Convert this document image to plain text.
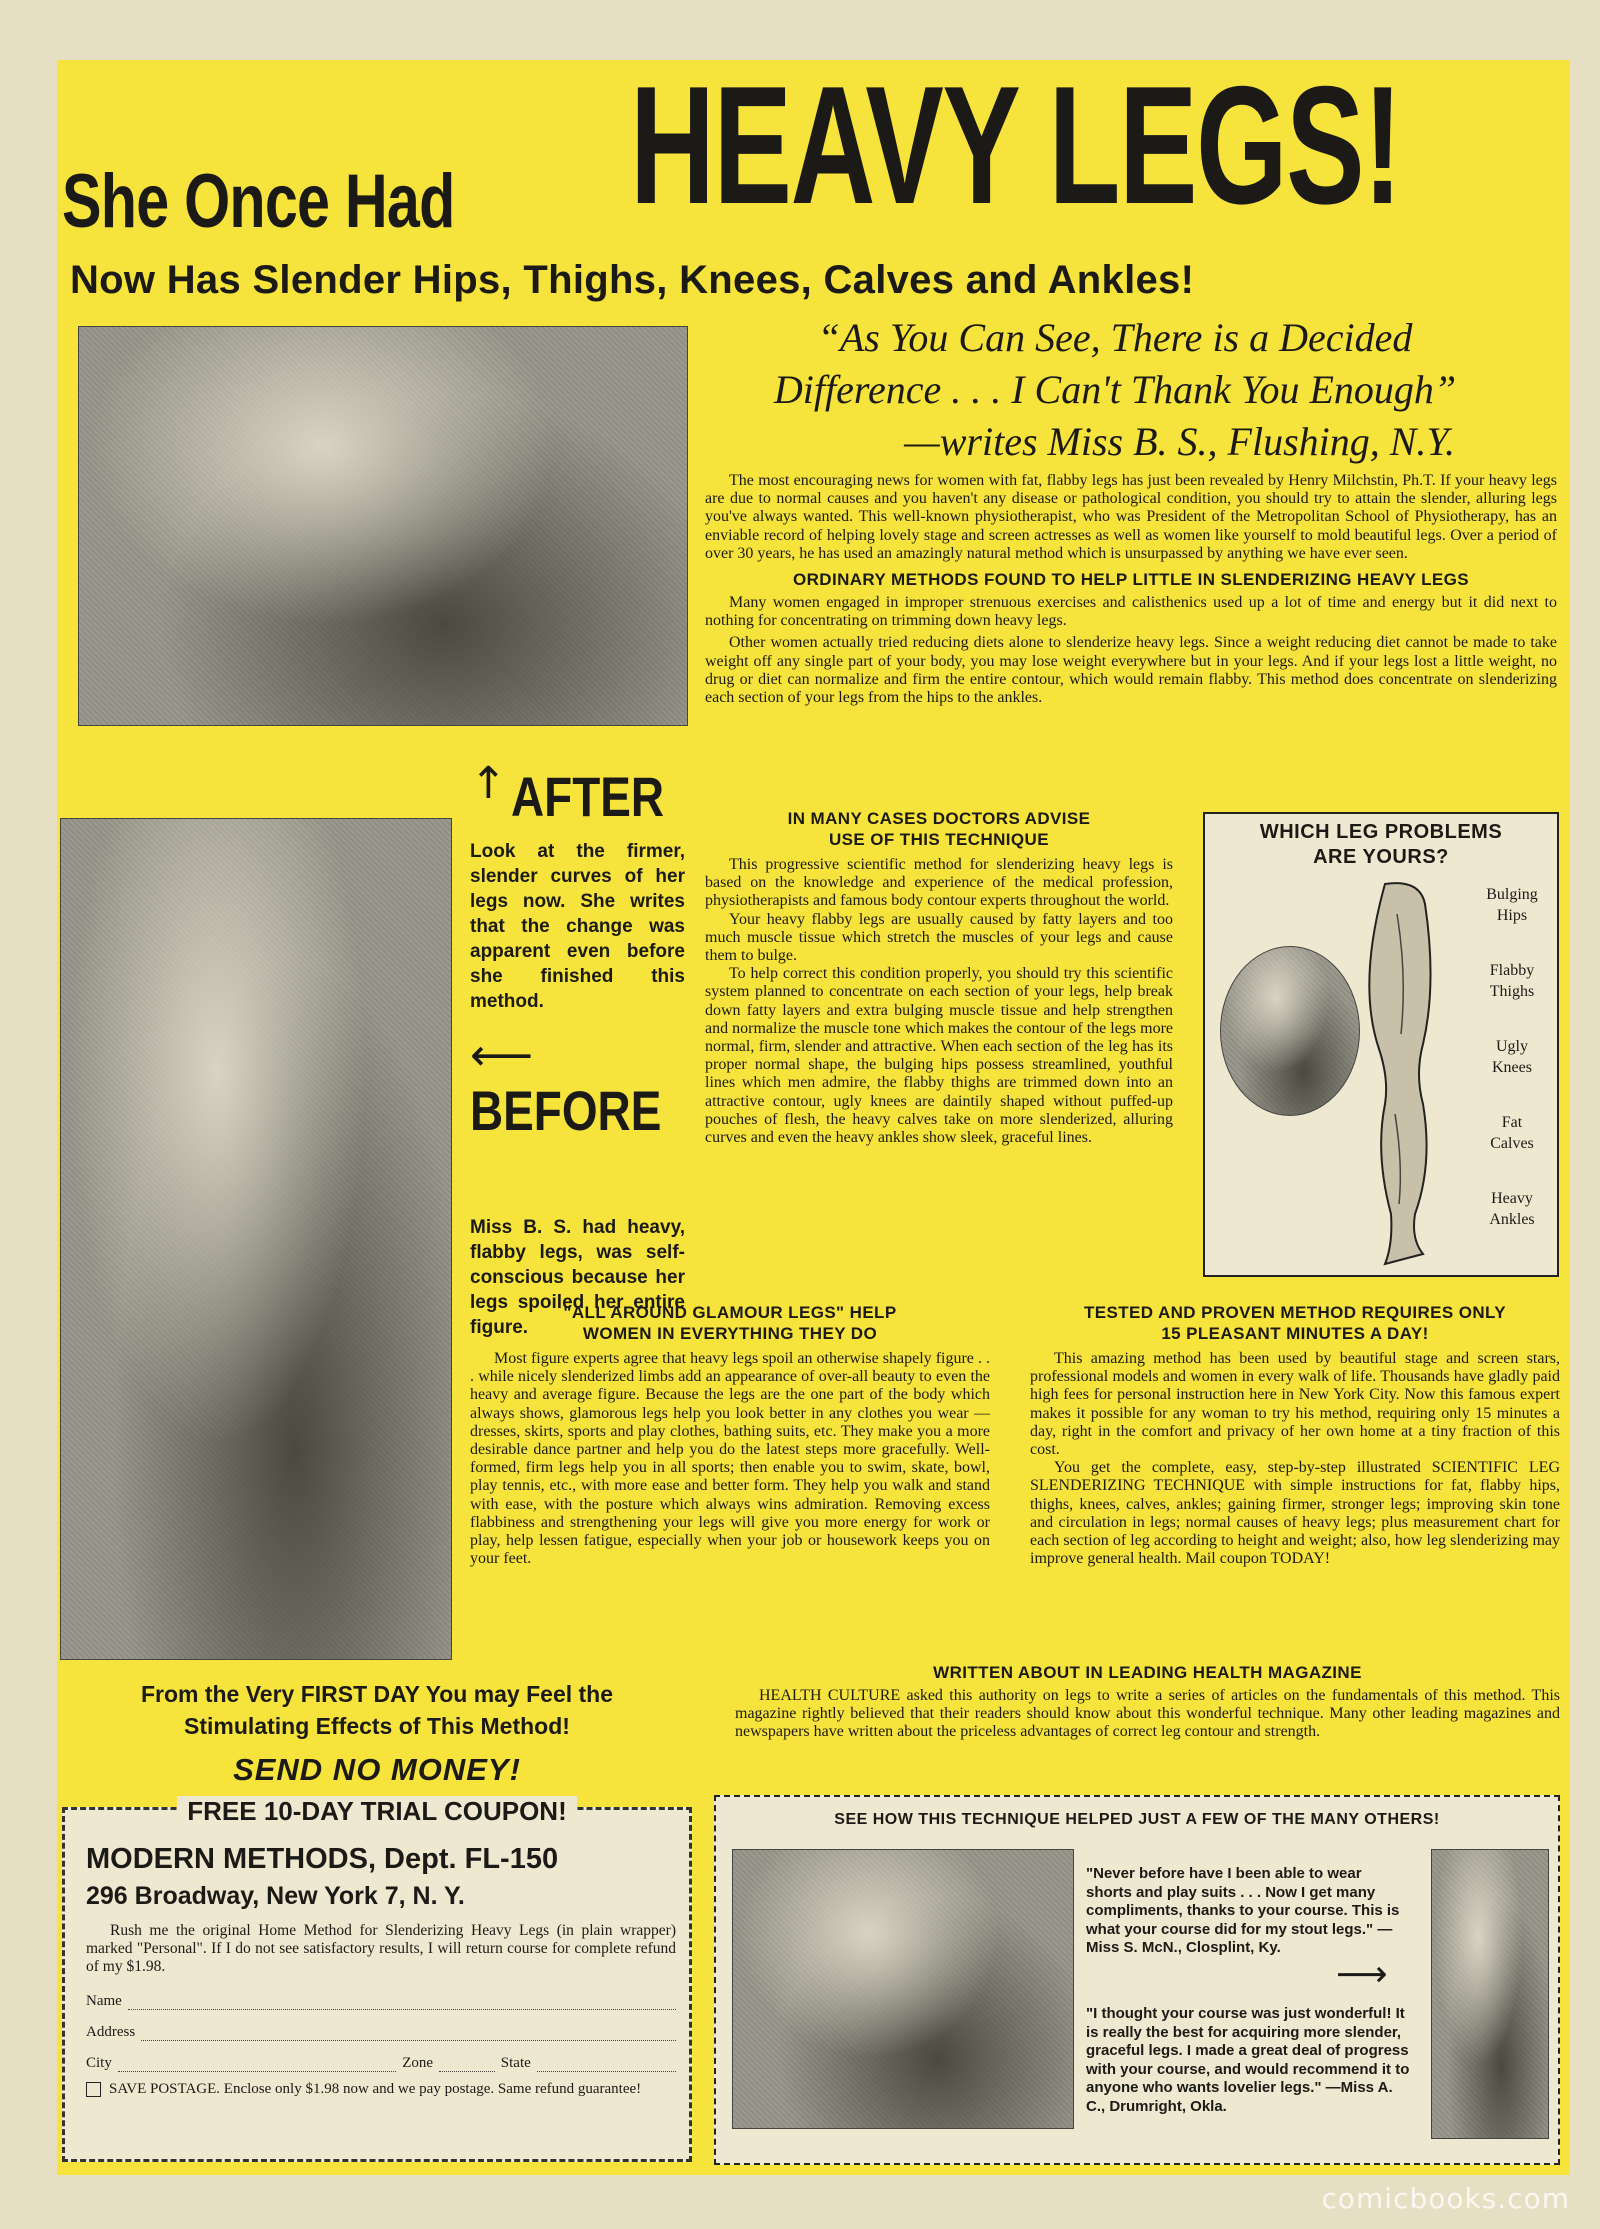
She Once Had HEAVY LEGS!
Now Has Slender Hips, Thighs, Knees, Calves and Ankles!
“As You Can See, There is a Decided
Difference . . . I Can't Thank You Enough”
—writes Miss B. S., Flushing, N.Y.

The most encouraging news for women with fat, flabby legs has just been revealed by Henry Milchstin, Ph.T. If your heavy legs are due to normal causes and you haven't any disease or pathological condition, you should try to attain the slender, alluring legs you've always wanted. This well-known physiotherapist, who was President of the Metropolitan School of Physiotherapy, has an enviable record of helping lovely stage and screen actresses as well as women like yourself to mold beautiful legs. Over a period of over 30 years, he has used an amazingly natural method which is unsurpassed by anything we have ever seen.

ORDINARY METHODS FOUND TO HELP LITTLE IN SLENDERIZING HEAVY LEGS

Many women engaged in improper strenuous exercises and calisthenics used up a lot of time and energy but it did next to nothing for concentrating on trimming down heavy legs.

Other women actually tried reducing diets alone to slenderize heavy legs. Since a weight reducing diet cannot be made to take weight off any single part of your body, you may lose weight everywhere but in your legs. And if your legs lost a little weight, no drug or diet can normalize and firm the entire contour, which would remain flabby. This method does concentrate on slenderizing each section of your legs from the hips to the ankles.

↑ AFTER

Look at the firmer, slender curves of her legs now. She writes that the change was apparent even before she finished this method.

⟵
BEFORE

Miss B. S. had heavy, flabby legs, was self-conscious because her legs spoiled her entire figure.

IN MANY CASES DOCTORS ADVISE
USE OF THIS TECHNIQUE

This progressive scientific method for slenderizing heavy legs is based on the knowledge and experience of the medical profession, physiotherapists and famous body contour experts throughout the world.

Your heavy flabby legs are usually caused by fatty layers and too much muscle tissue which stretch the muscles of your legs and cause them to bulge.

To help correct this condition properly, you should try this scientific system planned to concentrate on each section of your legs, help break down fatty layers and extra bulging muscle tissue and help strengthen and normalize the muscle tone which makes the contour of the legs more normal, firm, slender and attractive. When each section of the leg has its proper normal shape, the bulging hips possess streamlined, youthful lines which men admire, the flabby thighs are trimmed down into an attractive contour, ugly knees are daintily shaped without puffed-up pouches of flesh, the heavy calves take on more slenderized, alluring curves and even the heavy ankles show sleek, graceful lines.

WHICH LEG PROBLEMS
ARE YOURS?
Bulging
Hips
Flabby
Thighs
Ugly
Knees
Fat
Calves
Heavy
Ankles
"ALL AROUND GLAMOUR LEGS" HELP
WOMEN IN EVERYTHING THEY DO

Most figure experts agree that heavy legs spoil an otherwise shapely figure . . . while nicely slenderized limbs add an appearance of over-all beauty to even the heavy and average figure. Because the legs are the one part of the body which always shows, glamorous legs help you look better in any clothes you wear — dresses, skirts, sports and play clothes, bathing suits, etc. They make you a more desirable dance partner and help you do the latest steps more gracefully. Well-formed, firm legs help you in all sports; then enable you to swim, skate, bowl, play tennis, etc., with more ease and better form. They help you walk and stand with ease, with the posture which always wins admiration. Removing excess flabbiness and strengthening your legs will give you more energy for work or play, help lessen fatigue, especially when your job or housework keeps you on your feet.

TESTED AND PROVEN METHOD REQUIRES ONLY
15 PLEASANT MINUTES A DAY!

This amazing method has been used by beautiful stage and screen stars, professional models and women in every walk of life. Thousands have gladly paid high fees for personal instruction here in New York City. Now this famous expert makes it possible for any woman to try his method, requiring only 15 minutes a day, right in the comfort and privacy of her own home at a tiny fraction of this cost.

You get the complete, easy, step-by-step illustrated SCIENTIFIC LEG SLENDERIZING TECHNIQUE with simple instructions for fat, flabby hips, thighs, knees, calves, ankles; gaining firmer, stronger legs; improving skin tone and circulation in legs; normal causes of heavy legs; plus measurement chart for each section of leg according to height and weight; also, how leg slenderizing may improve general health. Mail coupon TODAY!

WRITTEN ABOUT IN LEADING HEALTH MAGAZINE

HEALTH CULTURE asked this authority on legs to write a series of articles on the fundamentals of this method. This magazine rightly believed that their readers should know about this wonderful technique. Many other leading magazines and newspapers have written about the priceless advantages of correct leg contour and strength.

From the Very FIRST DAY You may Feel the
Stimulating Effects of This Method!
SEND NO MONEY!
FREE 10-DAY TRIAL COUPON!
MODERN METHODS, Dept. FL-150
296 Broadway, New York 7, N. Y.

Rush me the original Home Method for Slenderizing Heavy Legs (in plain wrapper) marked "Personal". If I do not see satisfactory results, I will return course for complete refund of my $1.98.

Name
Address
City	Zone	State
SAVE POSTAGE. Enclose only $1.98 now and we pay postage. Same refund guarantee!
SEE HOW THIS TECHNIQUE HELPED JUST A FEW OF THE MANY OTHERS!

"Never before have I been able to wear shorts and play suits . . . Now I get many compliments, thanks to your course. This is what your course did for my stout legs." —Miss S. McN., Closplint, Ky.

⟶

"I thought your course was just wonderful! It is really the best for acquiring more slender, graceful legs. I made a great deal of progress with your course, and would recommend it to anyone who wants lovelier legs." —Miss A. C., Drumright, Okla.

comicbooks.com
